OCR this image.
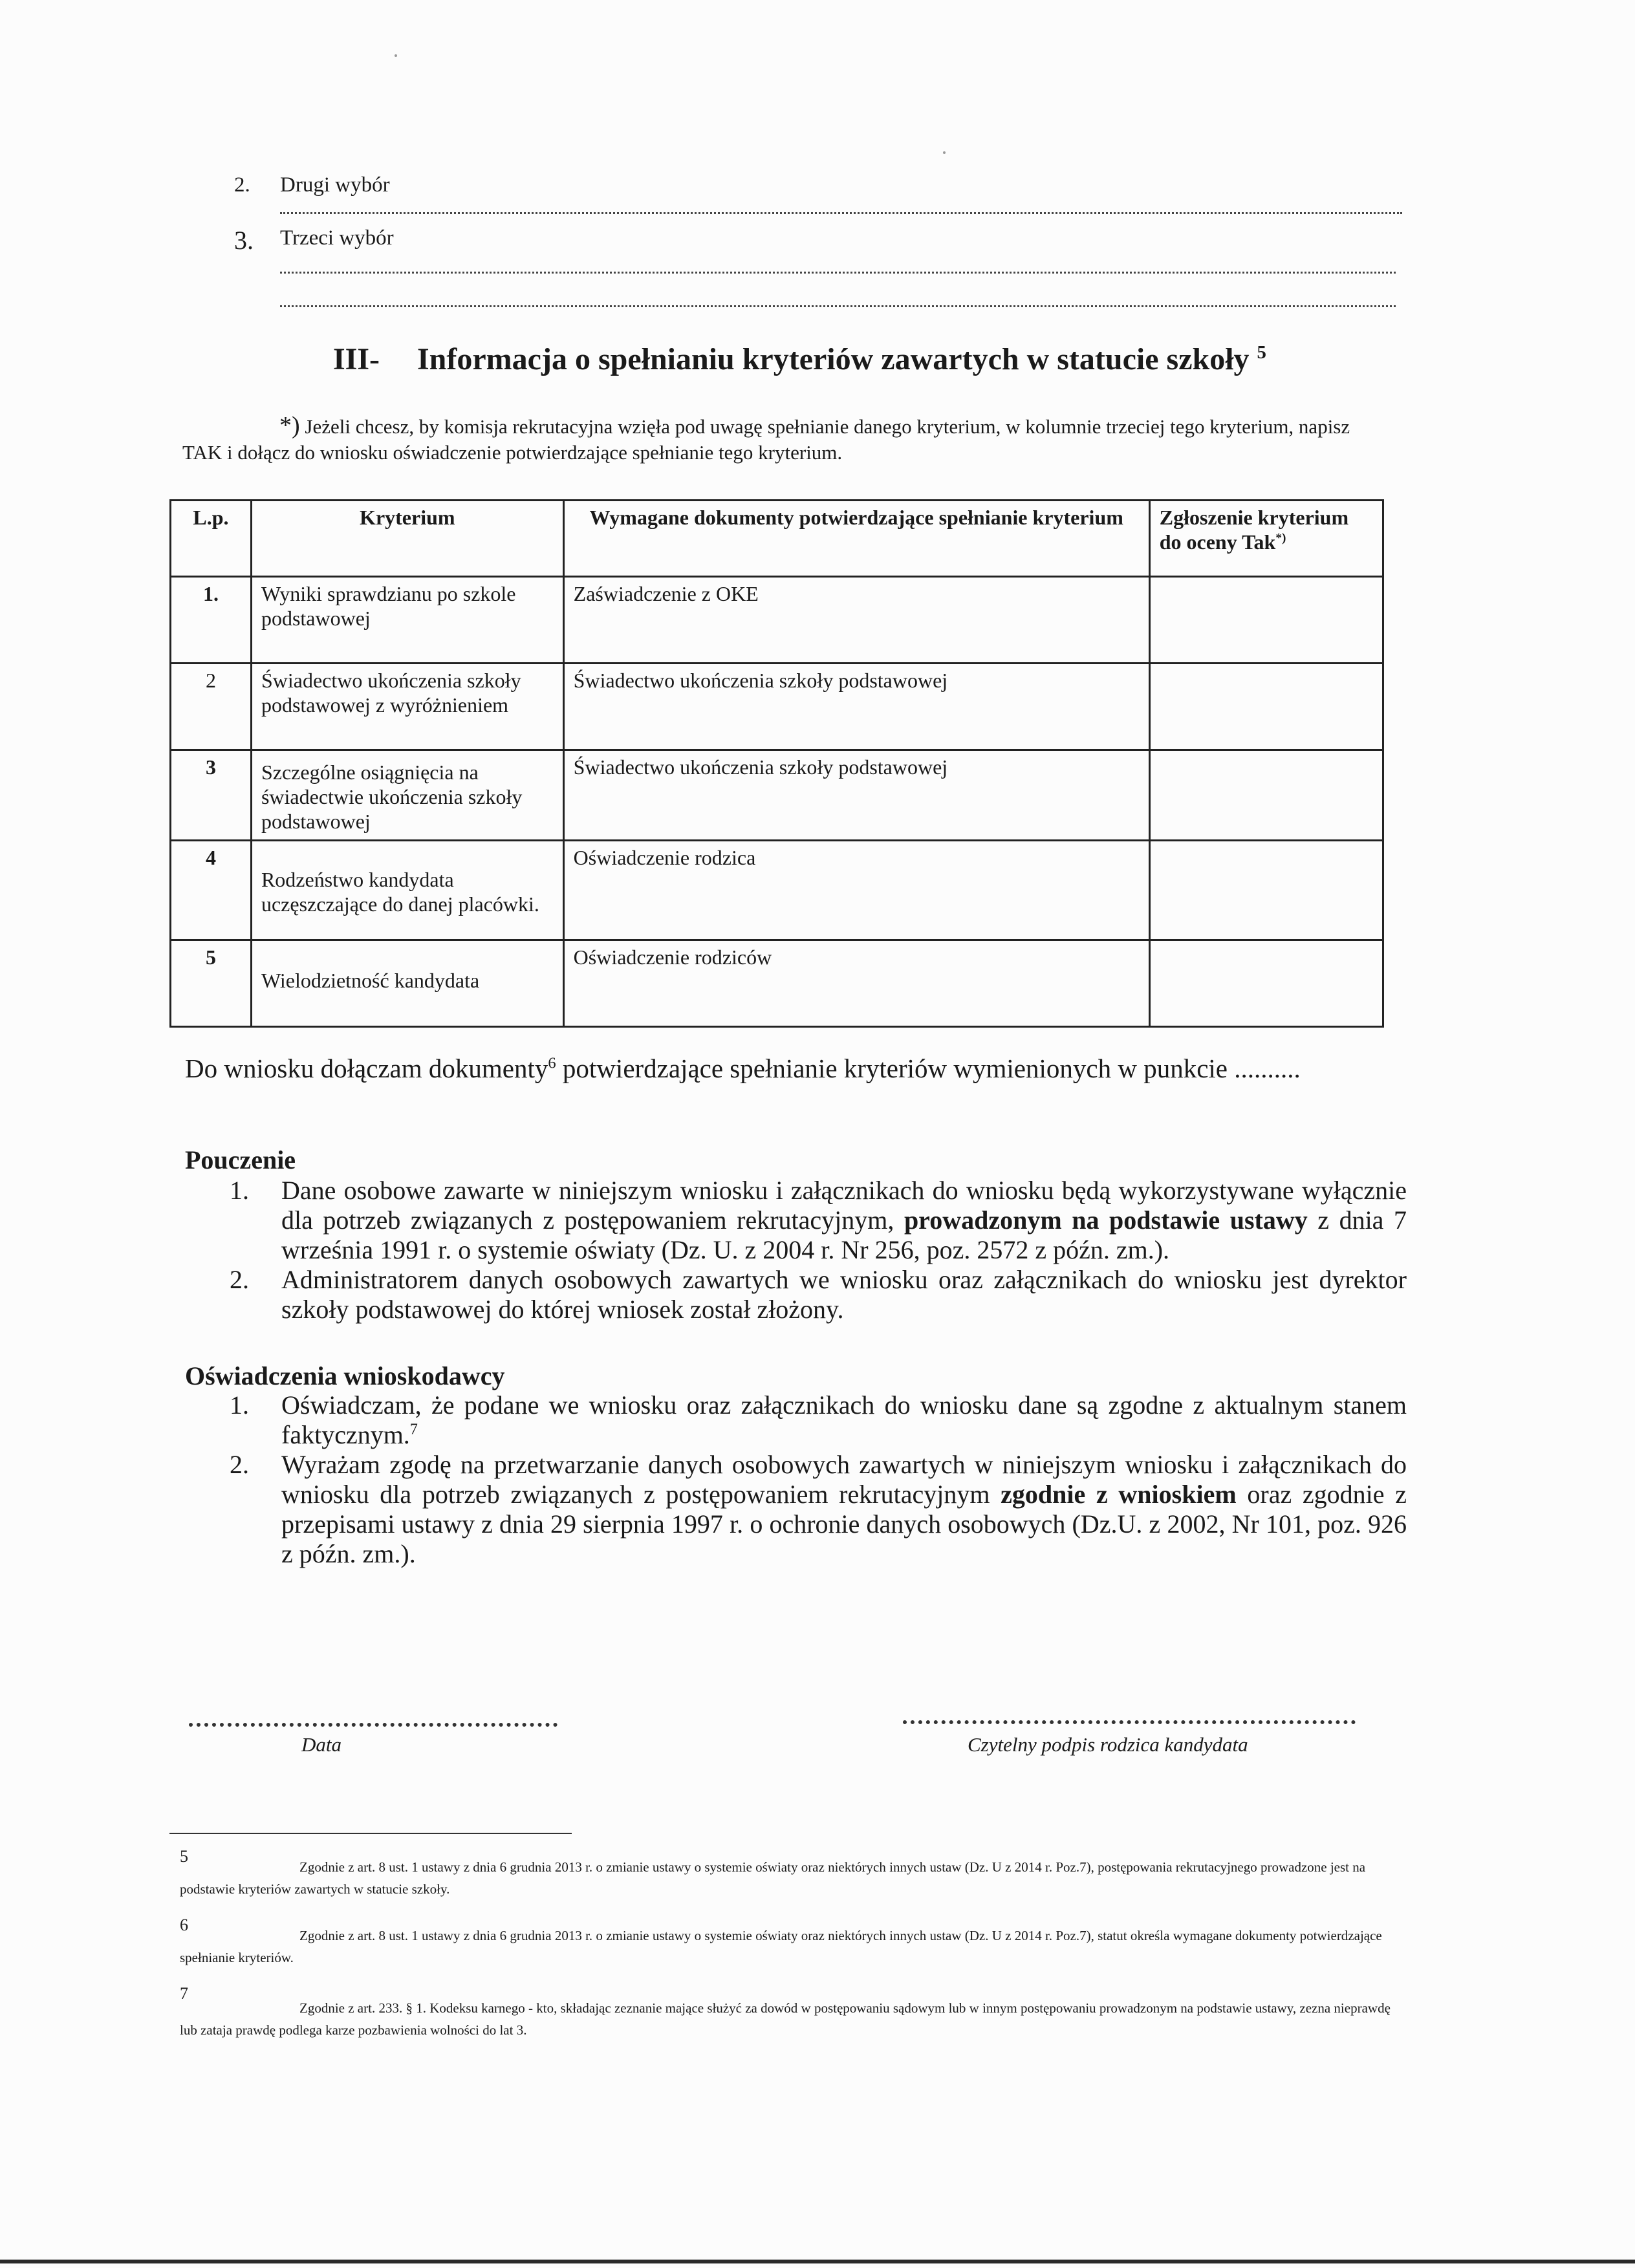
2. Drugi wybór
3. Trzeci wybór
III- Informacja o spełnianiu kryteriów zawartych w statucie szkoły $^5$
*) Jeżeli chcesz, by komisja rekrutacyjna wzięła pod uwagę spełnianie danego kryterium, w kolumnie trzeciej tego kryterium, napisz TAK i dołącz do wniosku oświadczenie potwierdzające spełnianie tego kryterium.
L.p.	Kryterium	Wymagane dokumenty potwierdzające spełnianie kryterium	Zgłoszenie kryterium do oceny Tak*)
1.	Wyniki sprawdzianu po szkole podstawowej	Zaświadczenie z OKE	
2	Świadectwo ukończenia szkoły podstawowej z wyróżnieniem	Świadectwo ukończenia szkoły podstawowej	
3	Szczególne osiągnięcia na świadectwie ukończenia szkoły podstawowej	Świadectwo ukończenia szkoły podstawowej	
4	Rodzeństwo kandydata uczęszczające do danej placówki.	Oświadczenie rodzica	
5	Wielodzietność kandydata	Oświadczenie rodziców	
Do wniosku dołączam dokumenty$^6$ potwierdzające spełnianie kryteriów wymienionych w punkcie ..........
Pouczenie
1. Dane osobowe zawarte w niniejszym wniosku i załącznikach do wniosku będą wykorzystywane wyłącznie dla potrzeb związanych z postępowaniem rekrutacyjnym, prowadzonym na podstawie ustawy z dnia 7 września 1991 r. o systemie oświaty (Dz. U. z 2004 r. Nr 256, poz. 2572 z późn. zm.).
2. Administratorem danych osobowych zawartych we wniosku oraz załącznikach do wniosku jest dyrektor szkoły podstawowej do której wniosek został złożony.
Oświadczenia wnioskodawcy
1. Oświadczam, że podane we wniosku oraz załącznikach do wniosku dane są zgodne z aktualnym stanem faktycznym.$^7$
2. Wyrażam zgodę na przetwarzanie danych osobowych zawartych w niniejszym wniosku i załącznikach do wniosku dla potrzeb związanych z postępowaniem rekrutacyjnym zgodnie z wnioskiem oraz zgodnie z przepisami ustawy z dnia 29 sierpnia 1997 r. o ochronie danych osobowych (Dz.U. z 2002, Nr 101, poz. 926 z późn. zm.).
Data	Czytelny podpis rodzica kandydata
5
Zgodnie z art. 8 ust. 1 ustawy z dnia 6 grudnia 2013 r. o zmianie ustawy o systemie oświaty oraz niektórych innych ustaw (Dz. U z 2014 r. Poz.7), postępowania rekrutacyjnego prowadzone jest na podstawie kryteriów zawartych w statucie szkoły.
6
Zgodnie z art. 8 ust. 1 ustawy z dnia 6 grudnia 2013 r. o zmianie ustawy o systemie oświaty oraz niektórych innych ustaw (Dz. U z 2014 r. Poz.7), statut określa wymagane dokumenty potwierdzające spełnianie kryteriów.
7
Zgodnie z art. 233. § 1. Kodeksu karnego - kto, składając zeznanie mające służyć za dowód w postępowaniu sądowym lub w innym postępowaniu prowadzonym na podstawie ustawy, zezna nieprawdę lub zataja prawdę podlega karze pozbawienia wolności do lat 3.
